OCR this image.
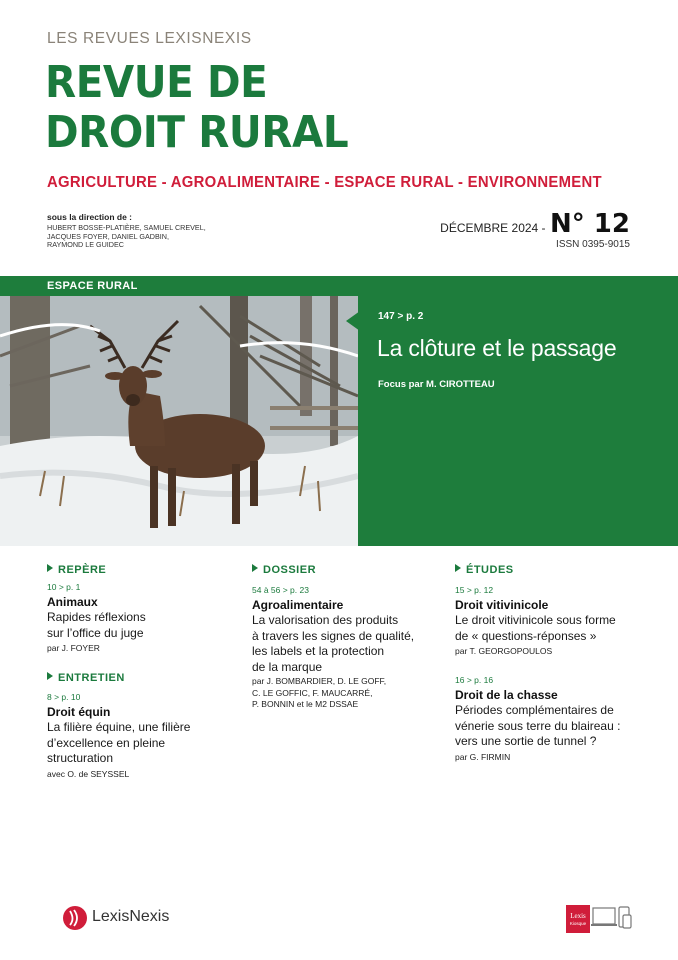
LES REVUES LEXISNEXIS
REVUE DE
DROIT RURAL
AGRICULTURE - AGROALIMENTAIRE - ESPACE RURAL - ENVIRONNEMENT
sous la direction de :
HUBERT BOSSE-PLATIÈRE, SAMUEL CREVEL, JACQUES FOYER, DANIEL GADBIN, RAYMOND LE GUIDEC
DÉCEMBRE 2024 - N° 12
ISSN 0395-9015
ESPACE RURAL
147 > p. 2
La clôture et le passage
Focus par M. CIROTTEAU
REPÈRE
10 > p. 1
Animaux
Rapides réflexions
sur l’office du juge
par J. FOYER
ENTRETIEN
8 > p. 10
Droit équin
La filière équine, une filière
d’excellence en pleine
structuration
avec O. de SEYSSEL
DOSSIER
54 à 56 > p. 23
Agroalimentaire
La valorisation des produits
à travers les signes de qualité,
les labels et la protection
de la marque
par J. BOMBARDIER, D. LE GOFF,
C. LE GOFFIC, F. MAUCARRÉ,
P. BONNIN et le M2 DSSAE
ÉTUDES
15 > p. 12
Droit vitivinicole
Le droit vitivinicole sous forme
de « questions-réponses »
par T. GEORGOPOULOS
16 > p. 16
Droit de la chasse
Périodes complémentaires de
vénerie sous terre du blaireau :
vers une sortie de tunnel ?
par G. FIRMIN
LexisNexis	Lexis
Kiosque
